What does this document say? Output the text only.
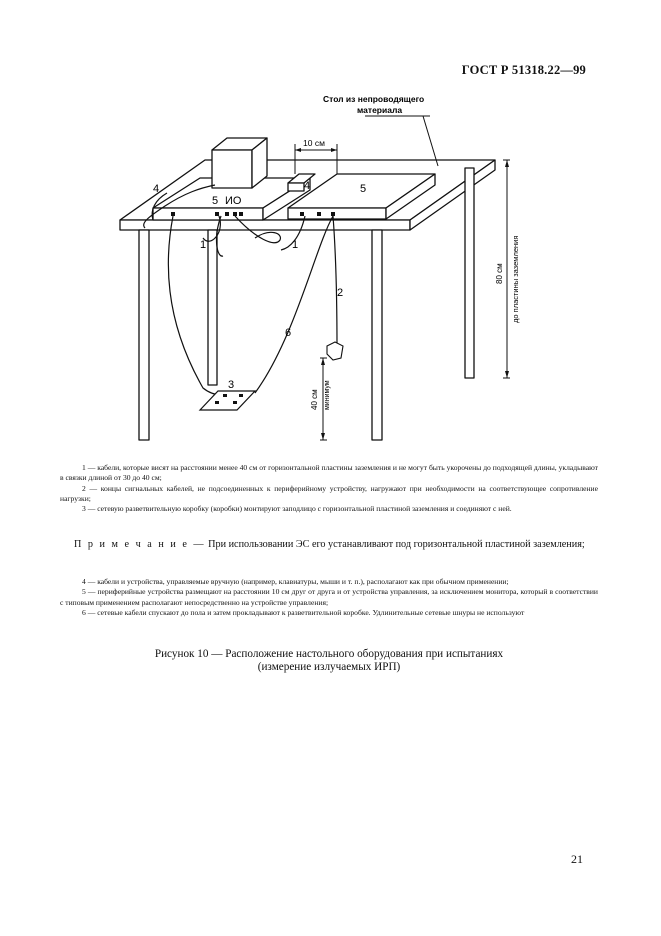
ГОСТ Р 51318.22—99
Стол из непроводящего
материала
10 см
ИО
5
5
4	4
1	1
2
6
3
80 см до пластины заземления
40 см минимум

1 — кабели, которые висят на расстоянии менее 40 см от горизонтальной пластины заземления и не могут быть укорочены до подходящей длины, укладывают в связки длиной от 30 до 40 см;

2 — концы сигнальных кабелей, не подсоединенных к периферийному устройству, нагружают при необходимости на соответствующее сопротивление нагрузки;

3 — сетевую разветвительную коробку (коробки) монтируют заподлицо с горизонтальной пластиной заземления и соединяют с ней.

П р и м е ч а н и е — При использовании ЭС его устанавливают под горизонтальной пластиной заземления;

4 — кабели и устройства, управляемые вручную (например, клавиатуры, мыши и т. п.), располагают как при обычном применении;

5 — периферийные устройства размещают на расстоянии 10 см друг от друга и от устройства управления, за исключением монитора, который в соответствии с типовым применением располагают непосредственно на устройстве управления;

6 — сетевые кабели спускают до пола и затем прокладывают к разветвительной коробке. Удлинительные сетевые шнуры не используют

Рисунок 10 — Расположение настольного оборудования при испытаниях
(измерение излучаемых ИРП)
21
